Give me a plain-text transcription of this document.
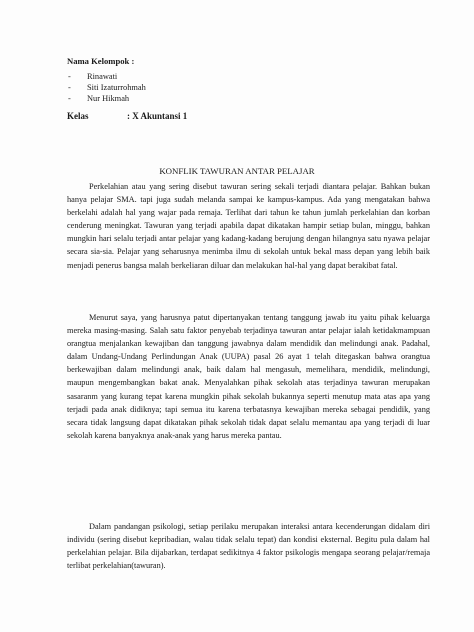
Nama Kelompok :
-	Rinawati
-	Siti Izaturrohmah
-	Nur Hikmah
Kelas	: X Akuntansi 1
KONFLIK TAWURAN ANTAR PELAJAR

Perkelahian atau yang sering disebut tawuran sering sekali terjadi diantara pelajar. Bahkan bukan hanya pelajar SMA. tapi juga sudah melanda sampai ke kampus-kampus. Ada yang mengatakan bahwa berkelahi adalah hal yang wajar pada remaja. Terlihat dari tahun ke tahun jumlah perkelahian dan korban cenderung meningkat. Tawuran yang terjadi apabila dapat dikatakan hampir setiap bulan, minggu, bahkan mungkin hari selalu terjadi antar pelajar yang kadang-kadang berujung dengan hilangnya satu nyawa pelajar secara sia-sia. Pelajar yang seharusnya menimba ilmu di sekolah untuk bekal mass depan yang lebih baik menjadi penerus bangsa malah berkeliaran diluar dan melakukan hal-hal yang dapat berakibat fatal.

Menurut saya, yang harusnya patut dipertanyakan tentang tanggung jawab itu yaitu pihak keluarga mereka masing-masing. Salah satu faktor penyebab terjadinya tawuran antar pelajar ialah ketidakmampuan orangtua menjalankan kewajiban dan tanggung jawabnya dalam mendidik dan melindungi anak. Padahal, dalam Undang-Undang Perlindungan Anak (UUPA) pasal 26 ayat 1 telah ditegaskan bahwa orangtua berkewajiban dalam melindungi anak, baik dalam hal mengasuh, memelihara, mendidik, melindungi, maupun mengembangkan bakat anak. Menyalahkan pihak sekolah atas terjadinya tawuran merupakan sasaranm yang kurang tepat karena mungkin pihak sekolah bukannya seperti menutup mata atas apa yang terjadi pada anak didiknya; tapi semua itu karena terbatasnya kewajiban mereka sebagai pendidik, yang secara tidak langsung dapat dikatakan pihak sekolah tidak dapat selalu memantau apa yang terjadi di luar sekolah karena banyaknya anak-anak yang harus mereka pantau.

Dalam pandangan psikologi, setiap perilaku merupakan interaksi antara kecenderungan didalam diri individu (sering disebut kepribadian, walau tidak selalu tepat) dan kondisi eksternal. Begitu pula dalam hal perkelahian pelajar. Bila dijabarkan, terdapat sedikitnya 4 faktor psikologis mengapa seorang pelajar/remaja terlibat perkelahian(tawuran).
